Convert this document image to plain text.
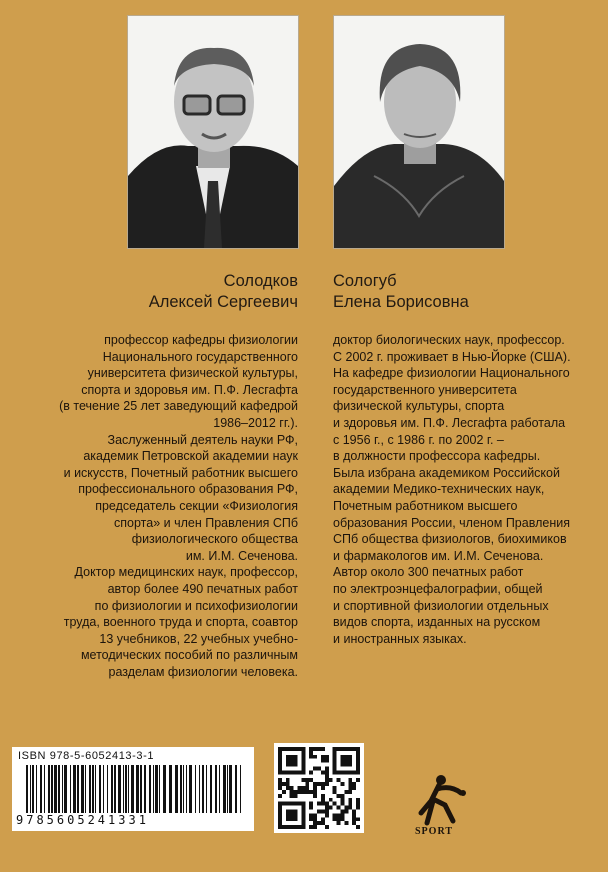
Солодков
Алексей Сергеевич
Сологуб
Елена Борисовна

профессор кафедры физиологии
Национального государственного
университета физической культуры,
спорта и здоровья им. П.Ф. Лесгафта
(в течение 25 лет заведующий кафедрой
1986–2012 гг.).
Заслуженный деятель науки РФ,
академик Петровской академии наук
и искусств, Почетный работник высшего
профессионального образования РФ,
председатель секции «Физиология
спорта» и член Правления СПб
физиологического общества
им. И.М. Сеченова.
Доктор медицинских наук, профессор,
автор более 490 печатных работ
по физиологии и психофизиологии
труда, военного труда и спорта, соавтор
13 учебников, 22 учебных учебно-
методических пособий по различным
разделам физиологии человека.

доктор биологических наук, профессор.
С 2002 г. проживает в Нью-Йорке (США).
На кафедре физиологии Национального
государственного университета
физической культуры, спорта
и здоровья им. П.Ф. Лесгафта работала
с 1956 г., с 1986 г. по 2002 г. –
в должности профессора кафедры.
Была избрана академиком Российской
академии Медико-технических наук,
Почетным работником высшего
образования России, членом Правления
СПб общества физиологов, биохимиков
и фармакологов им. И.М. Сеченова.
Автор около 300 печатных работ
по электроэнцефалографии, общей
и спортивной физиологии отдельных
видов спорта, изданных на русском
и иностранных языках.

ISBN 978-5-6052413-3-1
9785605241331
SPORT
